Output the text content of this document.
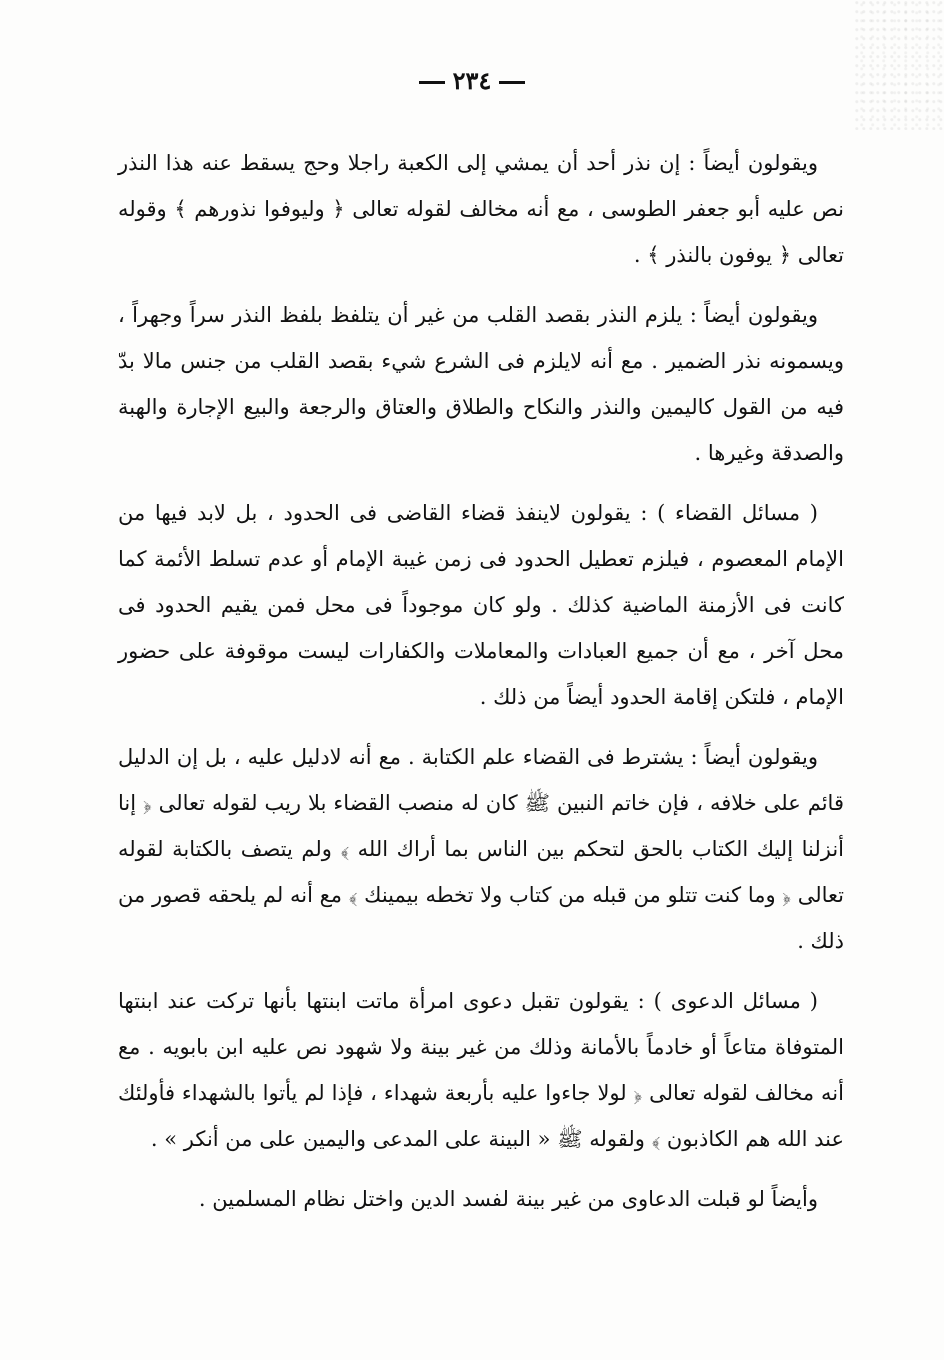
٢٣٤

ويقولون أيضاً : إن نذر أحد أن يمشي إلى الكعبة راجلا وحج يسقط عنه هذا النذر نص عليه أبو جعفر الطوسى ، مع أنه مخالف لقوله تعالى ﴿ وليوفوا نذورهم ﴾ وقوله تعالى ﴿ يوفون بالنذر ﴾ .

ويقولون أيضاً : يلزم النذر بقصد القلب من غير أن يتلفظ بلفظ النذر سراً وجهراً ، ويسمونه نذر الضمير . مع أنه لايلزم فى الشرع شيء بقصد القلب من جنس مالا بدّ فيه من القول كاليمين والنذر والنكاح والطلاق والعتاق والرجعة والبيع الإجارة والهبة والصدقة وغيرها .

( مسائل القضاء ) : يقولون لاينفذ قضاء القاضى فى الحدود ، بل لابد فيها من الإمام المعصوم ، فيلزم تعطيل الحدود فى زمن غيبة الإمام أو عدم تسلط الأئمة كما كانت فى الأزمنة الماضية كذلك . ولو كان موجوداً فى محل فمن يقيم الحدود فى محل آخر ، مع أن جميع العبادات والمعاملات والكفارات ليست موقوفة على حضور الإمام ، فلتكن إقامة الحدود أيضاً من ذلك .

ويقولون أيضاً : يشترط فى القضاء علم الكتابة . مع أنه لادليل عليه ، بل إن الدليل قائم على خلافه ، فإن خاتم النبين ﷺ كان له منصب القضاء بلا ريب لقوله تعالى ﴿ إنا أنزلنا إليك الكتاب بالحق لتحكم بين الناس بما أراك الله ﴾ ولم يتصف بالكتابة لقوله تعالى ﴿ وما كنت تتلو من قبله من كتاب ولا تخطه بيمينك ﴾ مع أنه لم يلحقه قصور من ذلك .

( مسائل الدعوى ) : يقولون تقبل دعوى امرأة ماتت ابنتها بأنها تركت عند ابنتها المتوفاة متاعاً أو خادماً بالأمانة وذلك من غير بينة ولا شهود نص عليه ابن بابويه . مع أنه مخالف لقوله تعالى ﴿ لولا جاءوا عليه بأربعة شهداء ، فإذا لم يأتوا بالشهداء فأولئك عند الله هم الكاذبون ﴾ ولقوله ﷺ « البينة على المدعى واليمين على من أنكر » .

وأيضاً لو قبلت الدعاوى من غير بينة لفسد الدين واختل نظام المسلمين .
